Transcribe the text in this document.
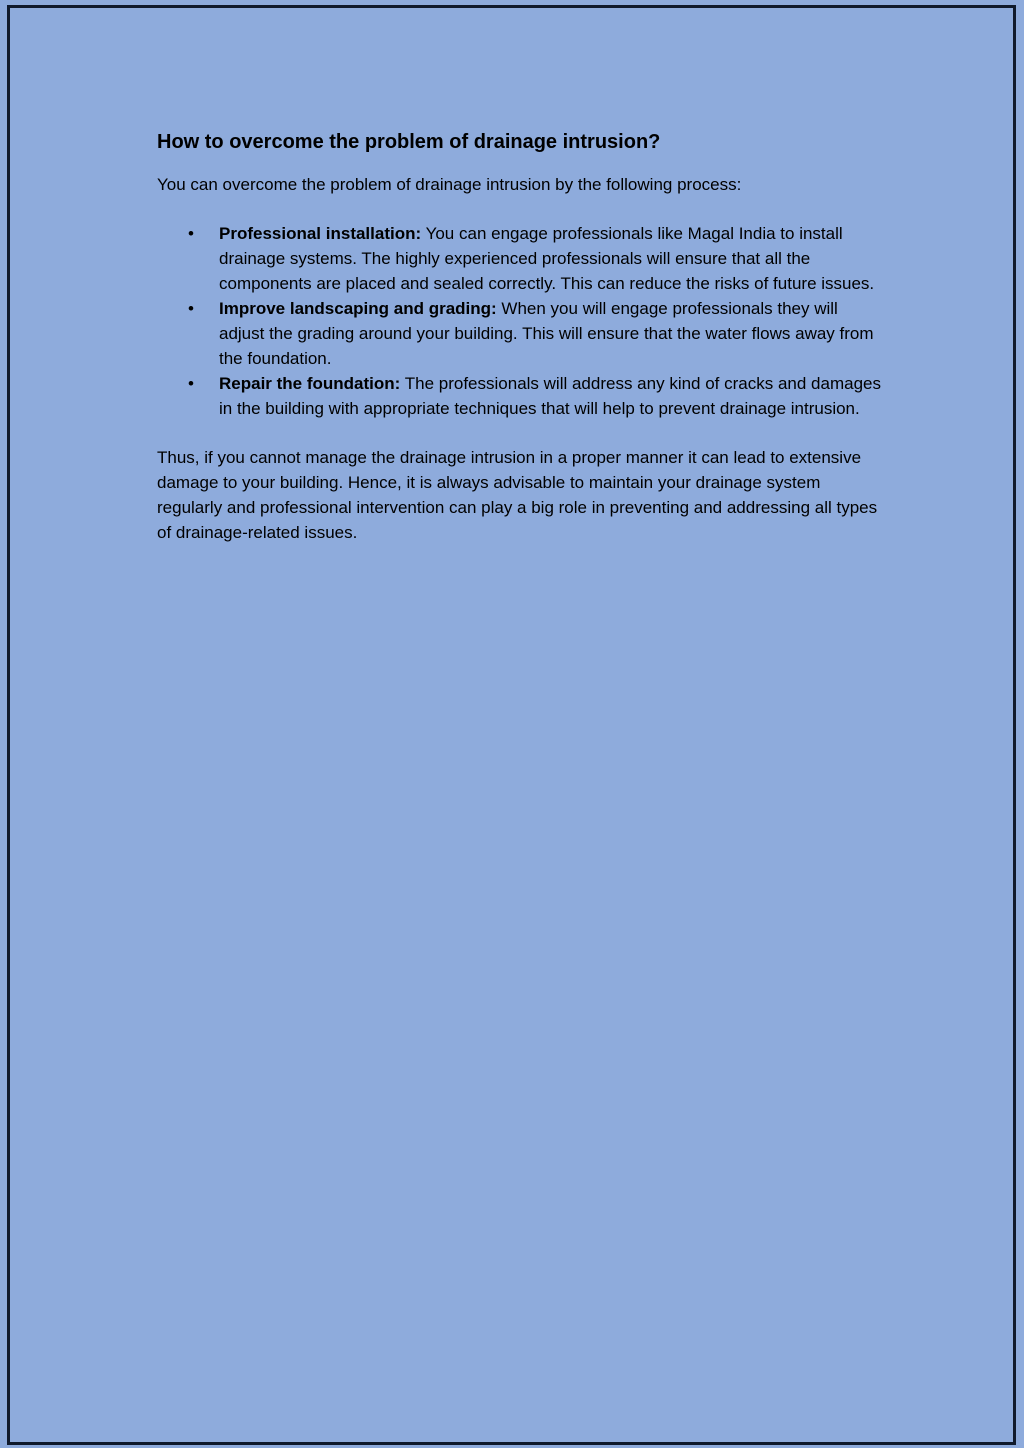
How to overcome the problem of drainage intrusion?

You can overcome the problem of drainage intrusion by the following process:

• Professional installation: You can engage professionals like Magal India to install drainage systems. The highly experienced professionals will ensure that all the components are placed and sealed correctly. This can reduce the risks of future issues.
• Improve landscaping and grading: When you will engage professionals they will adjust the grading around your building. This will ensure that the water flows away from the foundation.
• Repair the foundation: The professionals will address any kind of cracks and damages in the building with appropriate techniques that will help to prevent drainage intrusion.

Thus, if you cannot manage the drainage intrusion in a proper manner it can lead to extensive damage to your building. Hence, it is always advisable to maintain your drainage system regularly and professional intervention can play a big role in preventing and addressing all types of drainage-related issues.
